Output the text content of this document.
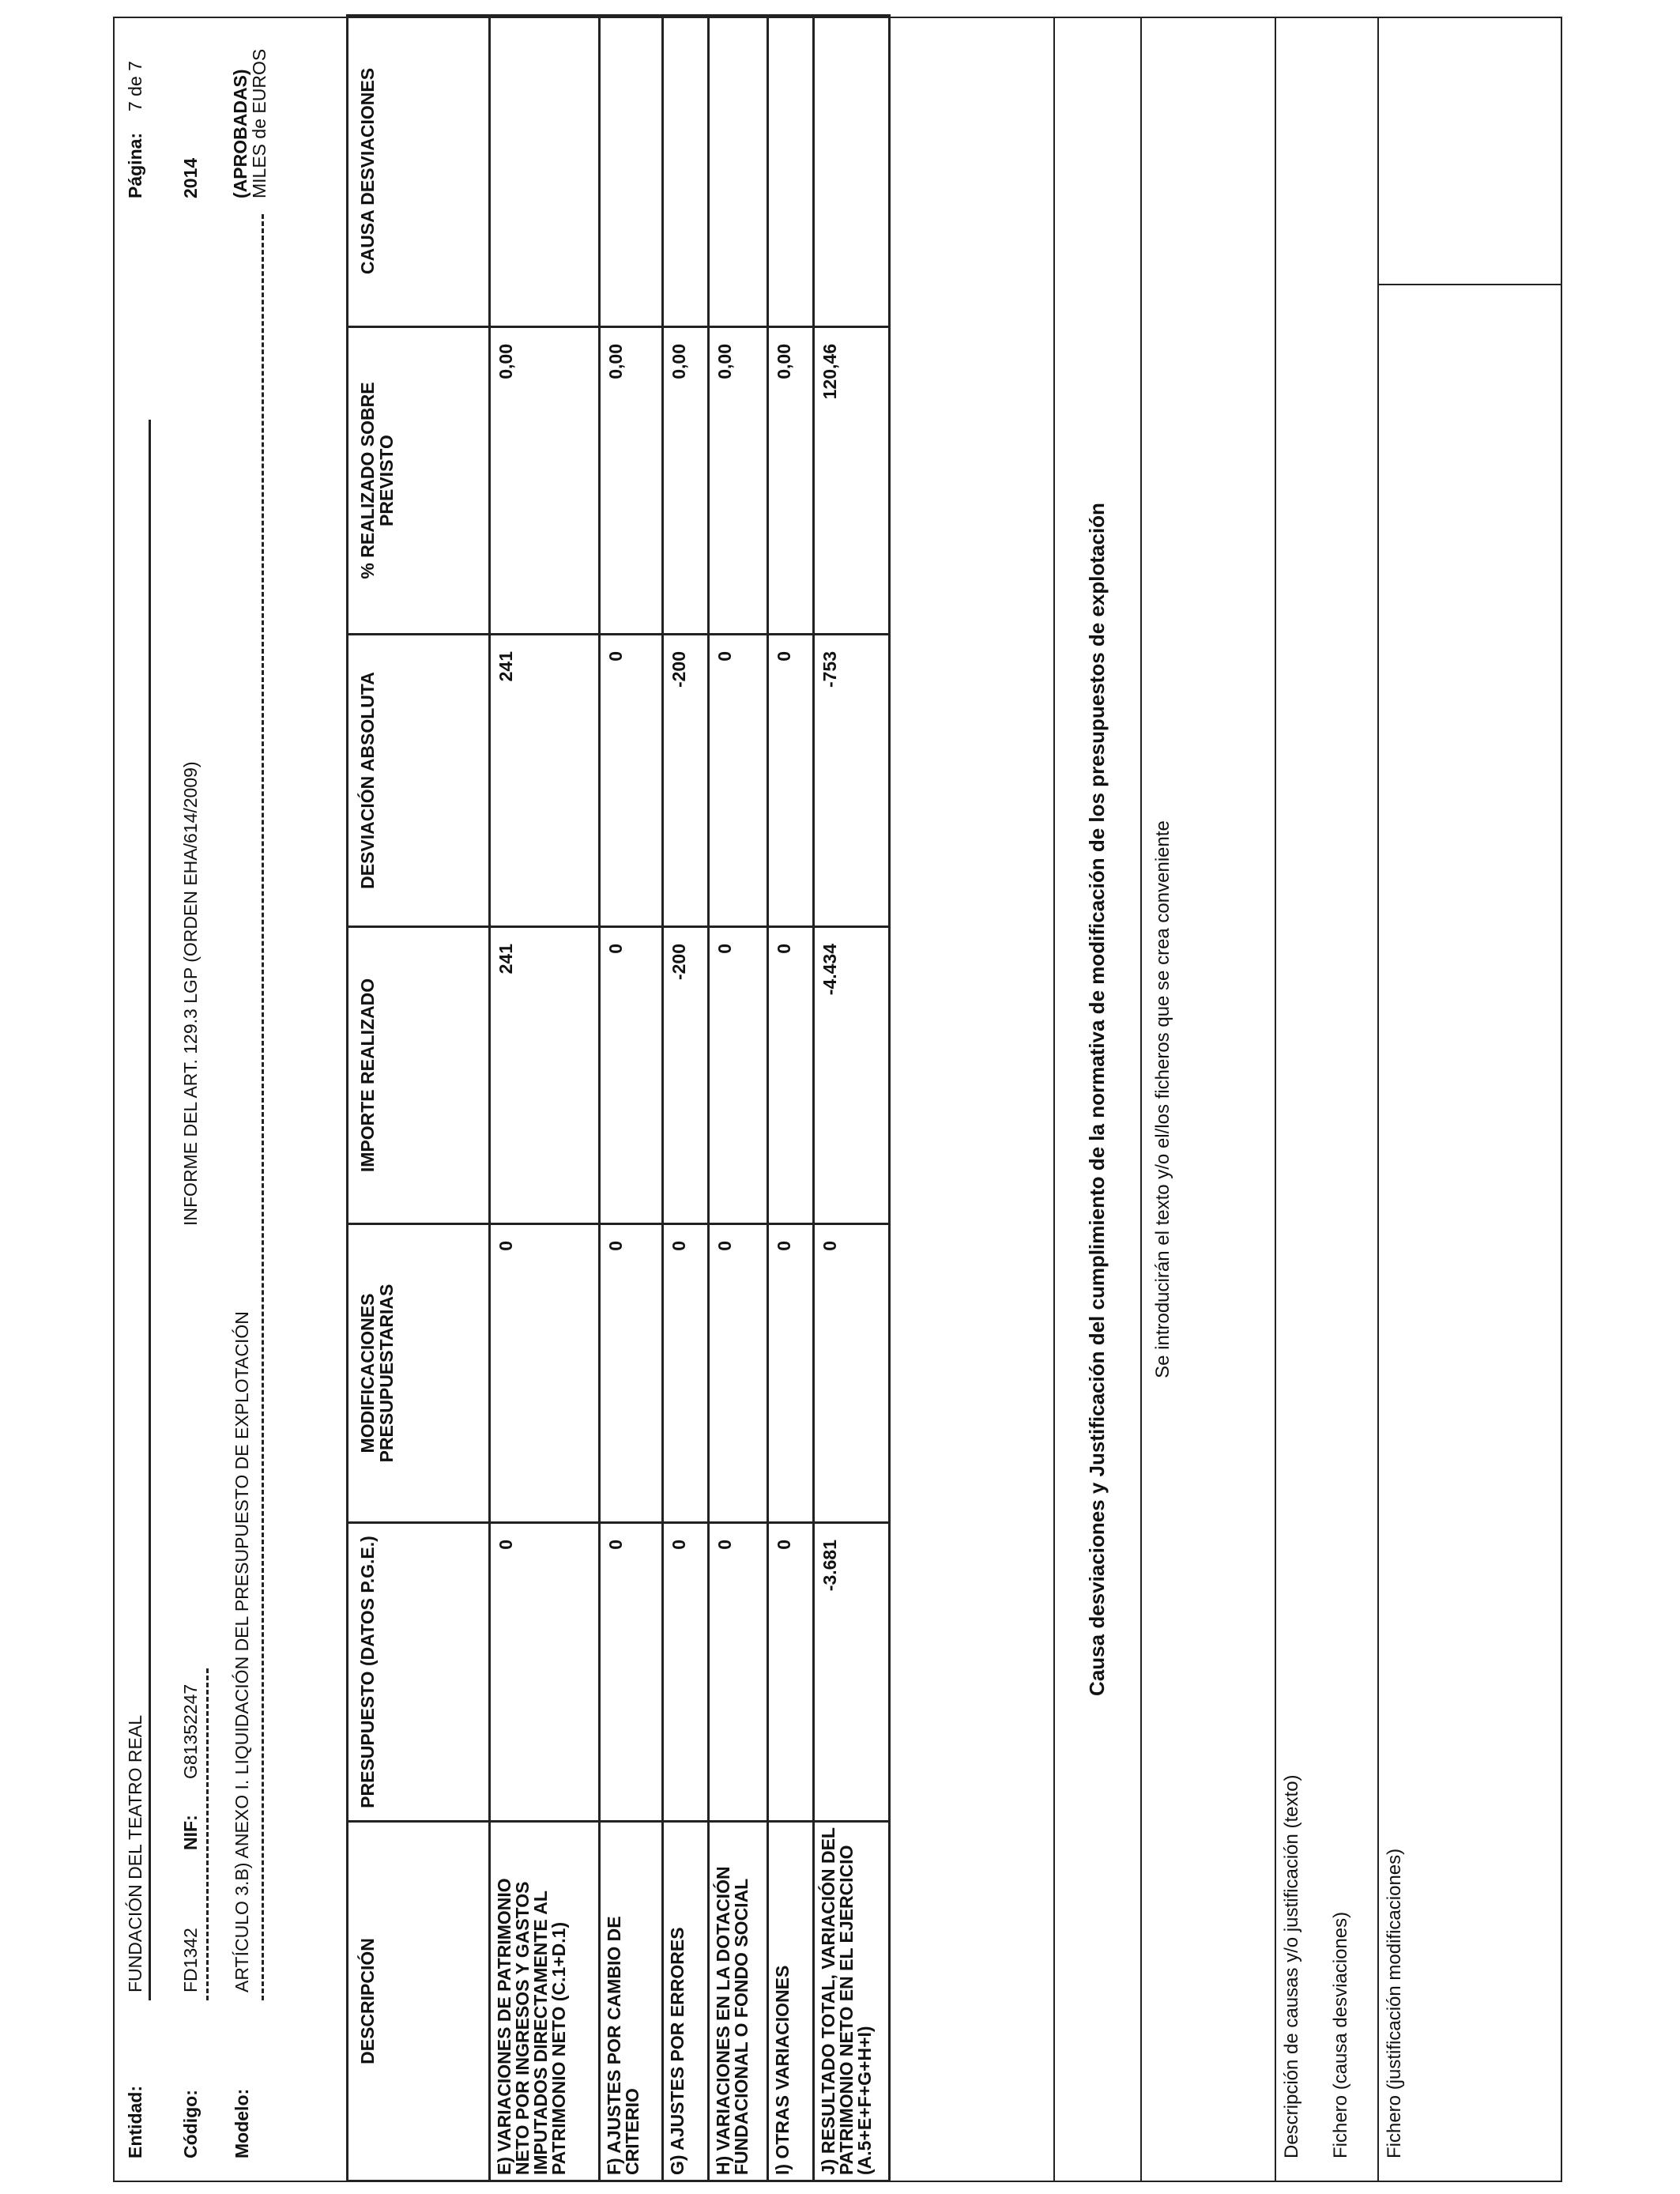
Entidad:
FUNDACIÓN DEL TEATRO REAL
Página:
7 de 7
Código:
FD1342
NIF:
G81352247
INFORME DEL ART. 129.3 LGP (ORDEN EHA/614/2009)
2014
Modelo:
ARTÍCULO 3.B) ANEXO I. LIQUIDACIÓN DEL PRESUPUESTO DE EXPLOTACIÓN
(APROBADAS)
MILES de EUROS
DESCRIPCIÓN	PRESUPUESTO (DATOS P.G.E.)	MODIFICACIONES PRESUPUESTARIAS	IMPORTE REALIZADO	DESVIACIÓN ABSOLUTA	% REALIZADO SOBRE PREVISTO	CAUSA DESVIACIONES
E) VARIACIONES DE PATRIMONIO NETO POR INGRESOS Y GASTOS IMPUTADOS DIRECTAMENTE AL PATRIMONIO NETO (C.1+D.1)	0	0	241	241	0,00	
F) AJUSTES POR CAMBIO DE CRITERIO	0	0	0	0	0,00	
G) AJUSTES POR ERRORES	0	0	-200	-200	0,00	
H) VARIACIONES EN LA DOTACIÓN FUNDACIONAL O FONDO SOCIAL	0	0	0	0	0,00	
I) OTRAS VARIACIONES	0	0	0	0	0,00	
J) RESULTADO TOTAL, VARIACIÓN DEL PATRIMONIO NETO EN EL EJERCICIO (A.5+E+F+G+H+I)	-3.681	0	-4.434	-753	120,46	
Causa desviaciones y Justificación del cumplimiento de la normativa de modificación de los presupuestos de explotación	Se introducirán el texto y/o el/los ficheros que se crea conveniente
Descripción de causas y/o justificación (texto) Fichero (causa desviaciones) Fichero (justificación modificaciones)
